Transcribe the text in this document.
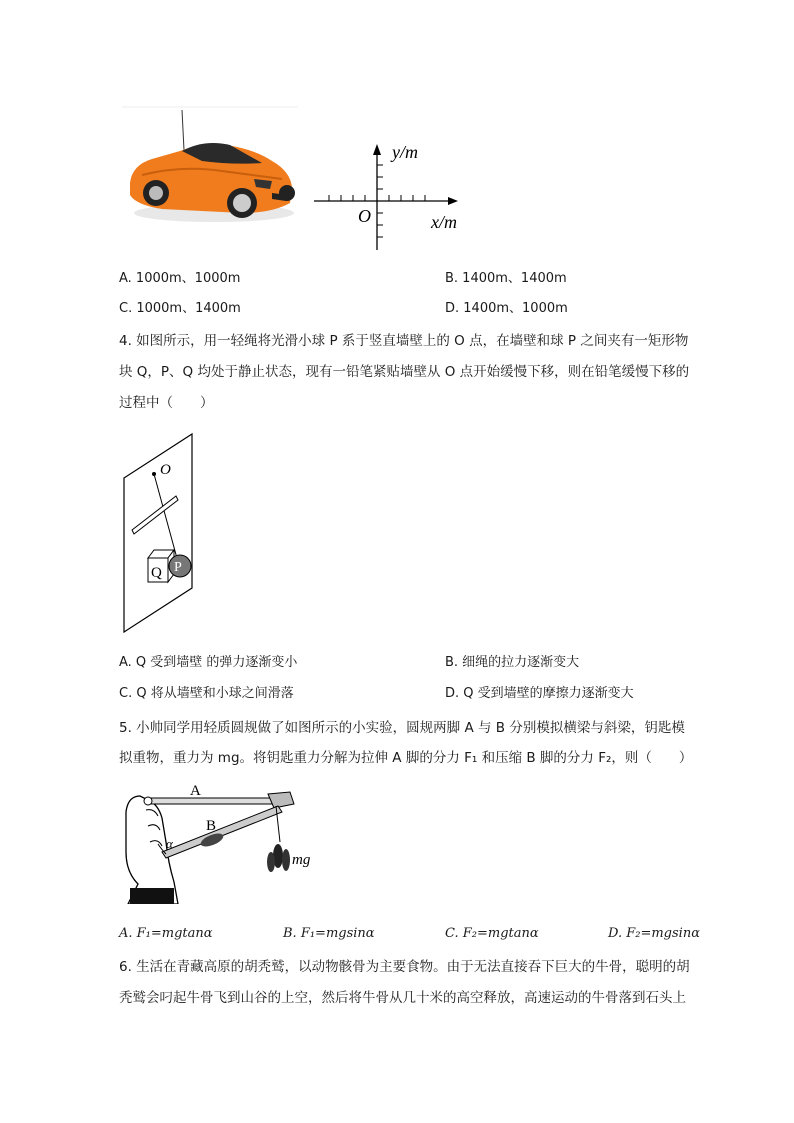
y/m
x/m
O
A. 1000m、1000m	B. 1400m、1400m
C. 1000m、1400m	D. 1400m、1000m
4. 如图所示，用一轻绳将光滑小球 P 系于竖直墙壁上的 O 点，在墙壁和球 P 之间夹有一矩形物
块 Q，P、Q 均处于静止状态，现有一铅笔紧贴墙壁从 O 点开始缓慢下移，则在铅笔缓慢下移的
过程中（　　）
O
Q P
A. Q 受到墙壁 的弹力逐渐变小	B. 细绳的拉力逐渐变大
C. Q 将从墙壁和小球之间滑落	D. Q 受到墙壁的摩擦力逐渐变大
5. 小帅同学用轻质圆规做了如图所示的小实验，圆规两脚 A 与 B 分别模拟横梁与斜梁，钥匙模
拟重物，重力为 mg。将钥匙重力分解为拉伸 A 脚的分力 F₁ 和压缩 B 脚的分力 F₂，则（　　）
A
B
α
mg
A. F₁=mgtanα	B. F₁=mgsinα	C. F₂=mgtanα	D. F₂=mgsinα
6. 生活在青藏高原的胡秃鹫，以动物骸骨为主要食物。由于无法直接吞下巨大的牛骨，聪明的胡
秃鹫会叼起牛骨飞到山谷的上空，然后将牛骨从几十米的高空释放，高速运动的牛骨落到石头上
